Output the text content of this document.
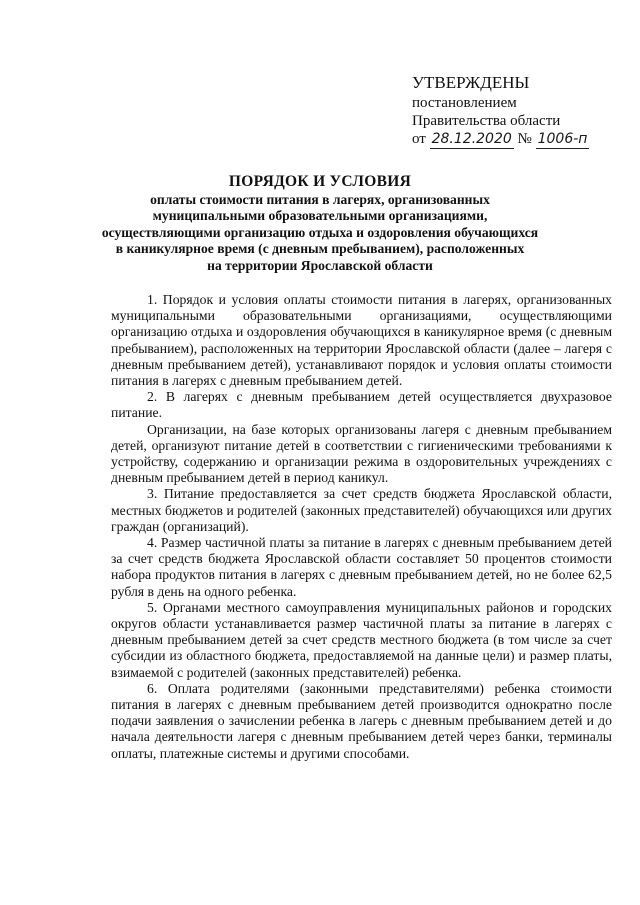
УТВЕРЖДЕНЫ
постановлением
Правительства области
от 28.12.2020 № 1006-п
ПОРЯДОК И УСЛОВИЯ
оплаты стоимости питания в лагерях, организованных
муниципальными образовательными организациями,
осуществляющими организацию отдыха и оздоровления обучающихся
в каникулярное время (с дневным пребыванием), расположенных
на территории Ярославской области

1. Порядок и условия оплаты стоимости питания в лагерях, организованных муниципальными образовательными организациями, осуществляющими организацию отдыха и оздоровления обучающихся в каникулярное время (с дневным пребыванием), расположенных на территории Ярославской области (далее – лагеря с дневным пребыванием детей), устанавливают порядок и условия оплаты стоимости питания в лагерях с дневным пребыванием детей.

2. В лагерях с дневным пребыванием детей осуществляется двухразовое питание.

Организации, на базе которых организованы лагеря с дневным пребыванием детей, организуют питание детей в соответствии с гигиеническими требованиями к устройству, содержанию и организации режима в оздоровительных учреждениях с дневным пребыванием детей в период каникул.

3. Питание предоставляется за счет средств бюджета Ярославской области, местных бюджетов и родителей (законных представителей) обучающихся или других граждан (организаций).

4. Размер частичной платы за питание в лагерях с дневным пребыванием детей за счет средств бюджета Ярославской области составляет 50 процентов стоимости набора продуктов питания в лагерях с дневным пребыванием детей, но не более 62,5 рубля в день на одного ребенка.

5. Органами местного самоуправления муниципальных районов и городских округов области устанавливается размер частичной платы за питание в лагерях с дневным пребыванием детей за счет средств местного бюджета (в том числе за счет субсидии из областного бюджета, предоставляемой на данные цели) и размер платы, взимаемой с родителей (законных представителей) ребенка.

6. Оплата родителями (законными представителями) ребенка стоимости питания в лагерях с дневным пребыванием детей производится однократно после подачи заявления о зачислении ребенка в лагерь с дневным пребыванием детей и до начала деятельности лагеря с дневным пребыванием детей через банки, терминалы оплаты, платежные системы и другими способами.
